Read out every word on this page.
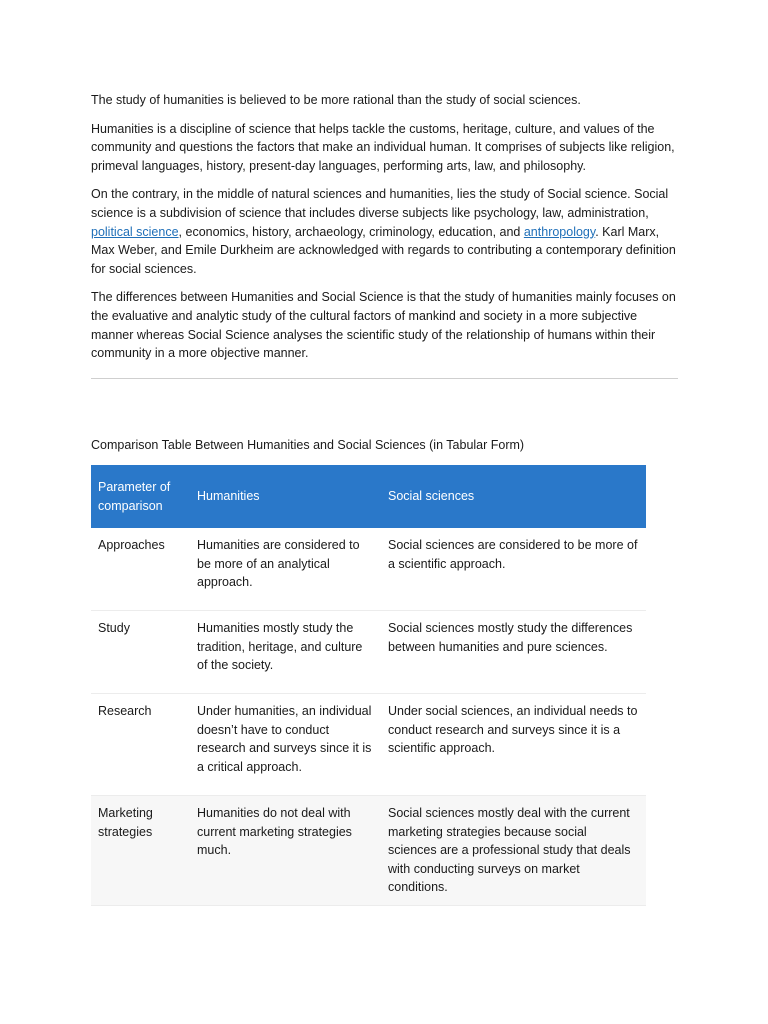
The study of humanities is believed to be more rational than the study of social sciences.

Humanities is a discipline of science that helps tackle the customs, heritage, culture, and values of the community and questions the factors that make an individual human. It comprises of subjects like religion, primeval languages, history, present-day languages, performing arts, law, and philosophy.

On the contrary, in the middle of natural sciences and humanities, lies the study of Social science. Social science is a subdivision of science that includes diverse subjects like psychology, law, administration, political science, economics, history, archaeology, criminology, education, and anthropology. Karl Marx, Max Weber, and Emile Durkheim are acknowledged with regards to contributing a contemporary definition for social sciences.

The differences between Humanities and Social Science is that the study of humanities mainly focuses on the evaluative and analytic study of the cultural factors of mankind and society in a more subjective manner whereas Social Science analyses the scientific study of the relationship of humans within their community in a more objective manner.

Comparison Table Between Humanities and Social Sciences (in Tabular Form)
Parameter of comparison	Humanities	Social sciences
Approaches	Humanities are considered to be more of an analytical approach.	Social sciences are considered to be more of a scientific approach.
Study	Humanities mostly study the tradition, heritage, and culture of the society.	Social sciences mostly study the differences between humanities and pure sciences.
Research	Under humanities, an individual doesn’t have to conduct research and surveys since it is a critical approach.	Under social sciences, an individual needs to conduct research and surveys since it is a scientific approach.
Marketing strategies	Humanities do not deal with current marketing strategies much.	Social sciences mostly deal with the current marketing strategies because social sciences are a professional study that deals with conducting surveys on market conditions.
